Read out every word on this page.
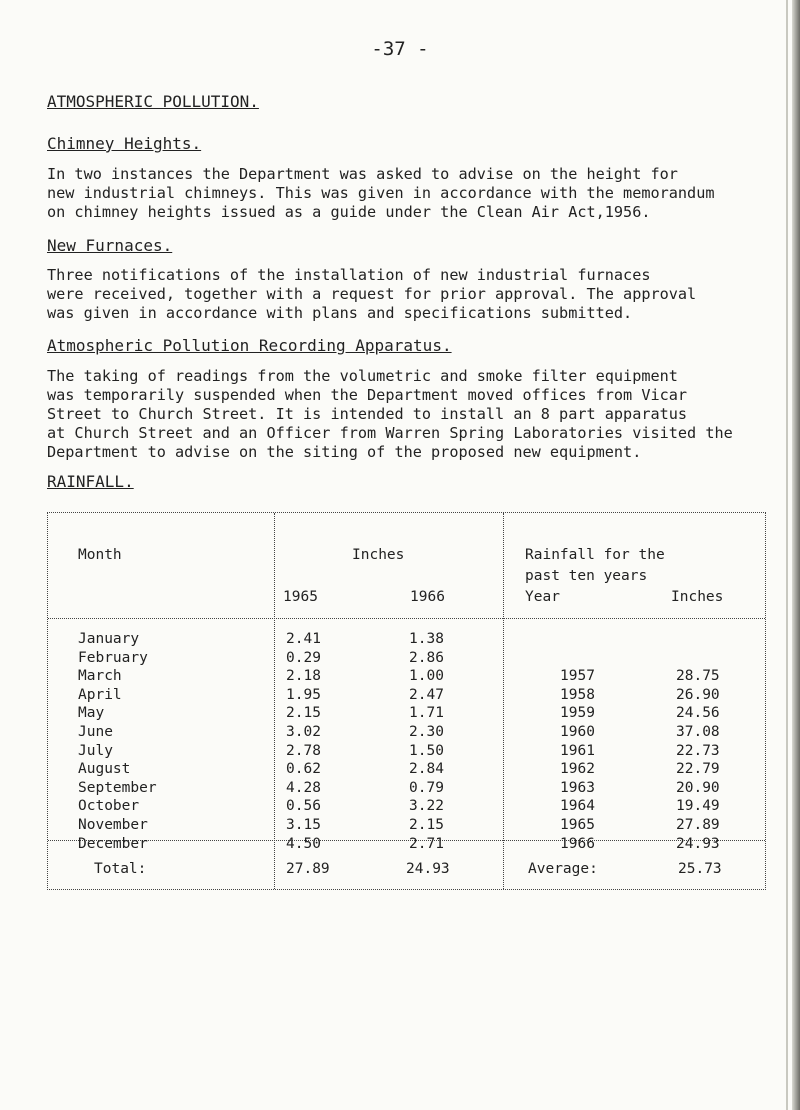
-37 -
ATMOSPHERIC POLLUTION.
Chimney Heights.
In two instances the Department was asked to advise on the height for
new industrial chimneys. This was given in accordance with the memorandum
on chimney heights issued as a guide under the Clean Air Act,1956.
New Furnaces.
Three notifications of the installation of new industrial furnaces
were received, together with a request for prior approval. The approval
was given in accordance with plans and specifications submitted.
Atmospheric Pollution Recording Apparatus.
The taking of readings from the volumetric and smoke filter equipment
was temporarily suspended when the Department moved offices from Vicar
Street to Church Street. It is intended to install an 8 part apparatus
at Church Street and an Officer from Warren Spring Laboratories visited the
Department to advise on the siting of the proposed new equipment.
RAINFALL.
Month	Inches
1965	1966
Rainfall for the
past ten years
Year	Inches
January	2.41	1.38
February	0.29	2.86
March	2.18	1.00	1957	28.75
April	1.95	2.47	1958	26.90
May	2.15	1.71	1959	24.56
June	3.02	2.30	1960	37.08
July	2.78	1.50	1961	22.73
August	0.62	2.84	1962	22.79
September	4.28	0.79	1963	20.90
October	0.56	3.22	1964	19.49
November	3.15	2.15	1965	27.89
December	4.50	2.71	1966	24.93
Total:	27.89	24.93	Average:	25.73
